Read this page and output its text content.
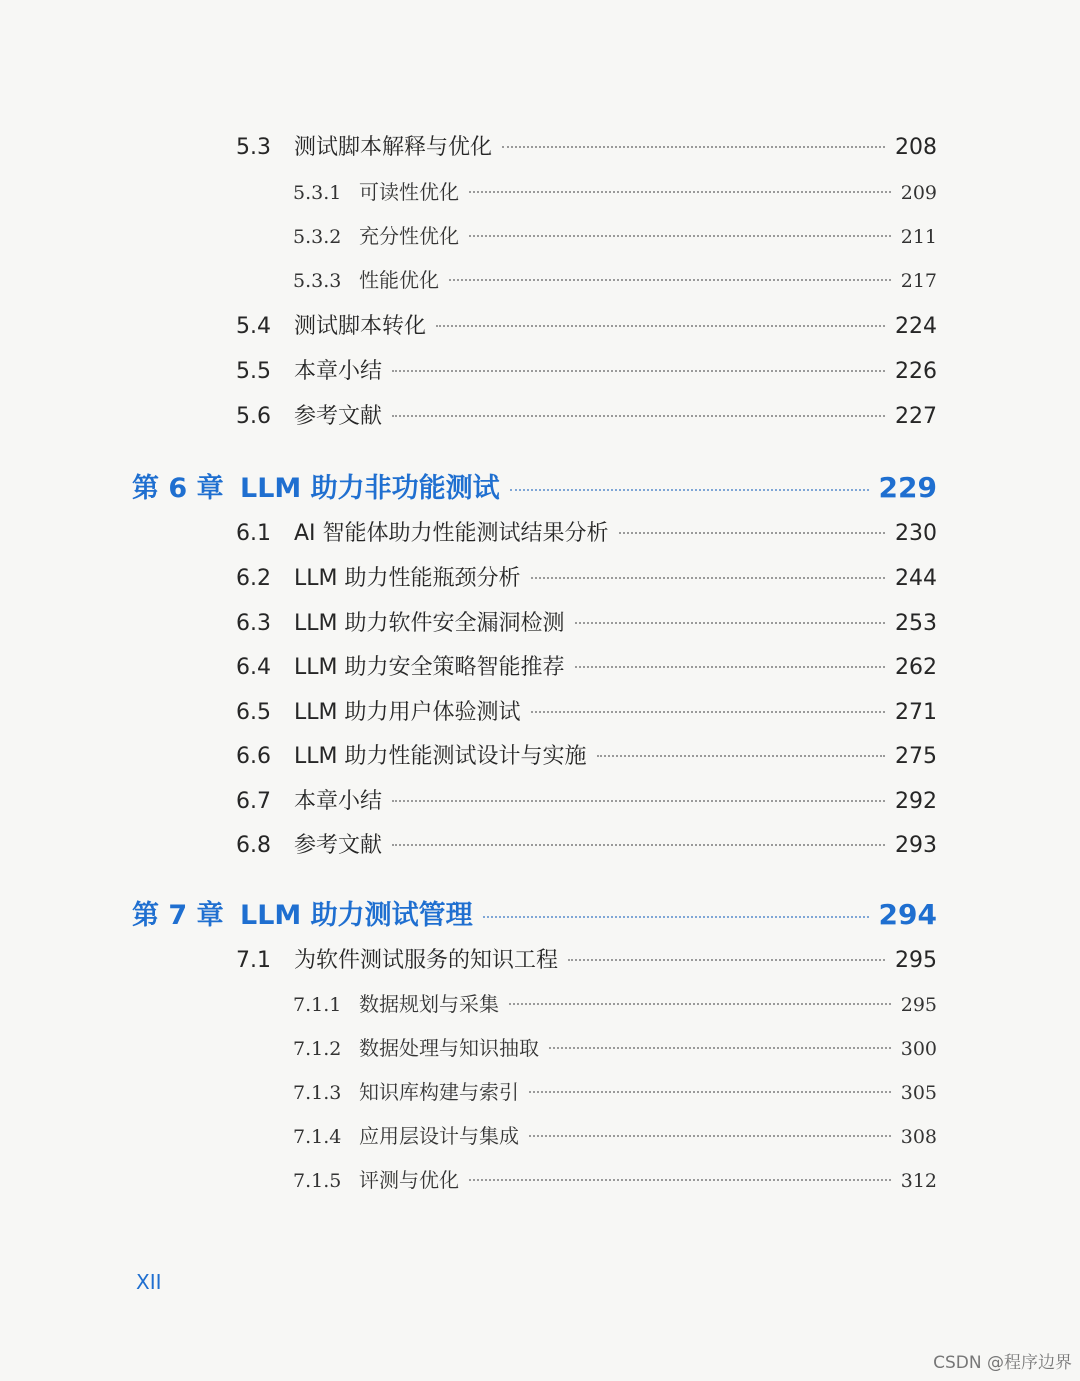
5.3	测试脚本解释与优化	208
5.3.1 可读性优化	209
5.3.2 充分性优化	211
5.3.3 性能优化	217
5.4	测试脚本转化	224
5.5	本章小结	226
5.6	参考文献	227
第 6 章 LLM 助力非功能测试	229
6.1	AI 智能体助力性能测试结果分析	230
6.2	LLM 助力性能瓶颈分析	244
6.3	LLM 助力软件安全漏洞检测	253
6.4	LLM 助力安全策略智能推荐	262
6.5	LLM 助力用户体验测试	271
6.6	LLM 助力性能测试设计与实施	275
6.7	本章小结	292
6.8	参考文献	293
第 7 章 LLM 助力测试管理	294
7.1	为软件测试服务的知识工程	295
7.1.1 数据规划与采集	295
7.1.2 数据处理与知识抽取	300
7.1.3 知识库构建与索引	305
7.1.4 应用层设计与集成	308
7.1.5 评测与优化	312
XII
CSDN @程序边界
